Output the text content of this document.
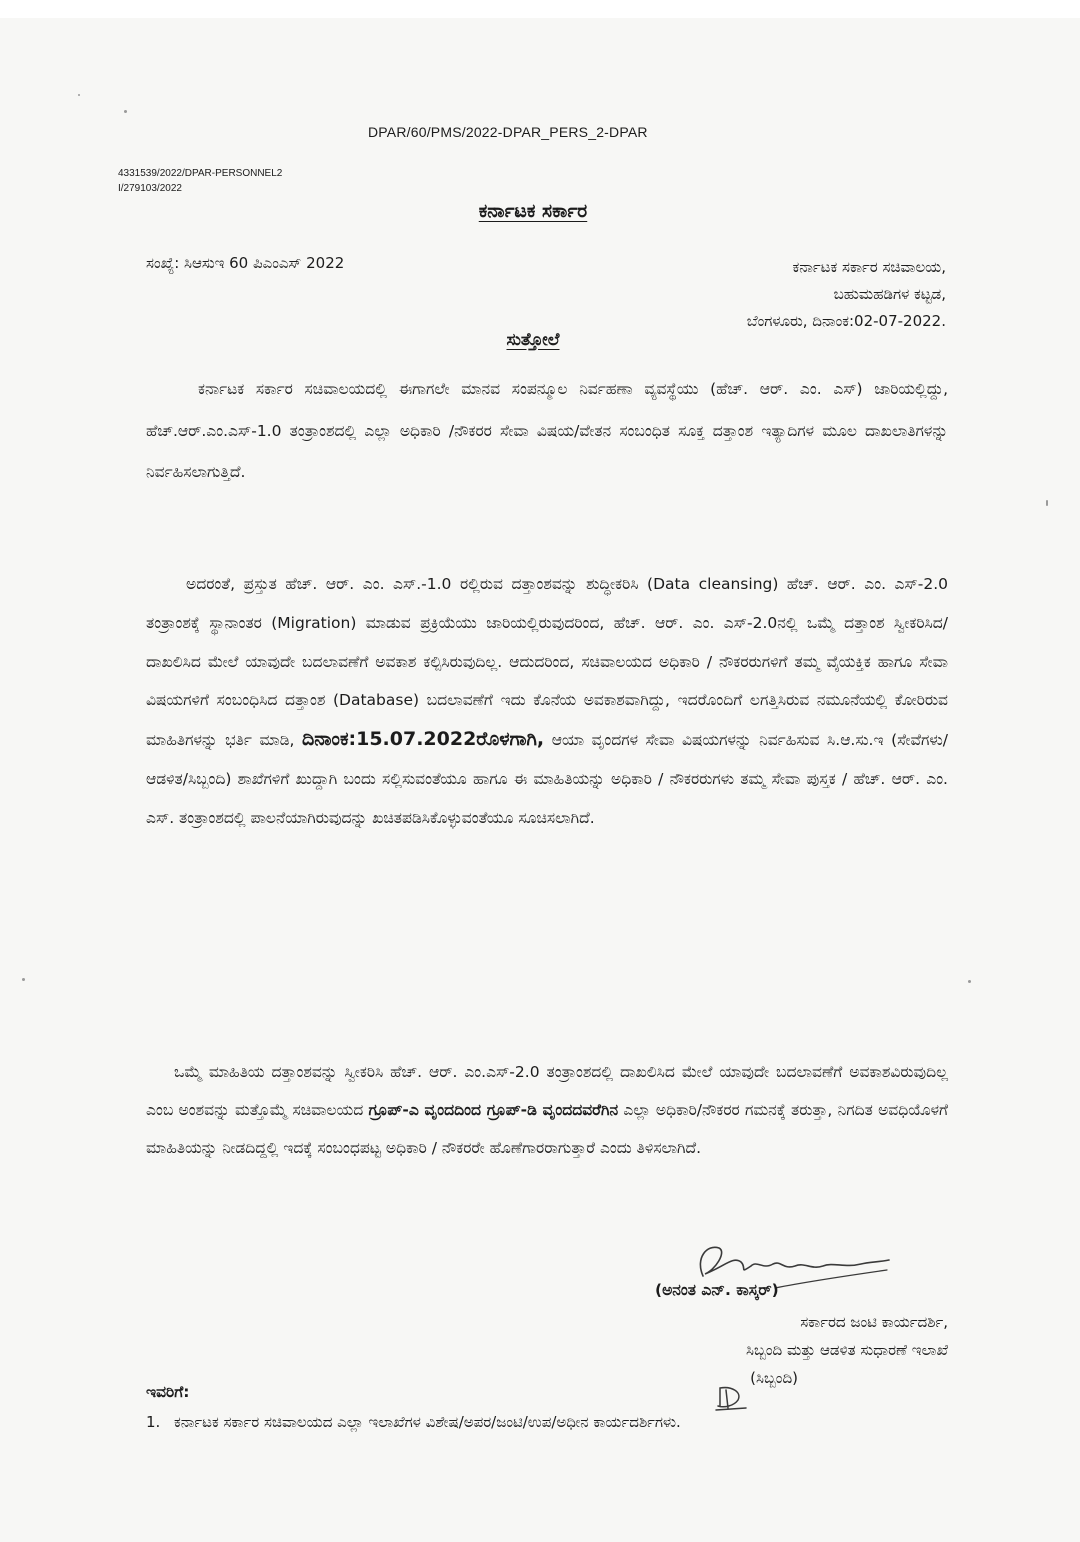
DPAR/60/PMS/2022-DPAR_PERS_2-DPAR

4331539/2022/DPAR-PERSONNEL2
I/279103/2022
ಕರ್ನಾಟಕ ಸರ್ಕಾರ

ಸಂಖ್ಯೆ: ಸಿಆಸುಇ 60 ಪಿಎಂಎಸ್ 2022	ಕರ್ನಾಟಕ ಸರ್ಕಾರ ಸಚಿವಾಲಯ,
ಬಹುಮಹಡಿಗಳ ಕಟ್ಟಡ,
ಬೆಂಗಳೂರು, ದಿನಾಂಕ:02-07-2022.
ಸುತ್ತೋಲೆ

ಕರ್ನಾಟಕ ಸರ್ಕಾರ ಸಚಿವಾಲಯದಲ್ಲಿ ಈಗಾಗಲೇ ಮಾನವ ಸಂಪನ್ಮೂಲ ನಿರ್ವಹಣಾ ವ್ಯವಸ್ಥೆಯು (ಹೆಚ್. ಆರ್. ಎಂ. ಎಸ್) ಜಾರಿಯಲ್ಲಿದ್ದು, ಹೆಚ್.ಆರ್.ಎಂ.ಎಸ್-1.0 ತಂತ್ರಾಂಶದಲ್ಲಿ ಎಲ್ಲಾ ಅಧಿಕಾರಿ /ನೌಕರರ ಸೇವಾ ವಿಷಯ/ವೇತನ ಸಂಬಂಧಿತ ಸೂಕ್ತ ದತ್ತಾಂಶ ಇತ್ಯಾದಿಗಳ ಮೂಲ ದಾಖಲಾತಿಗಳನ್ನು ನಿರ್ವಹಿಸಲಾಗುತ್ತಿದೆ.

ಅದರಂತೆ, ಪ್ರಸ್ತುತ ಹೆಚ್. ಆರ್. ಎಂ. ಎಸ್.-1.0 ರಲ್ಲಿರುವ ದತ್ತಾಂಶವನ್ನು ಶುದ್ಧೀಕರಿಸಿ (Data cleansing) ಹೆಚ್. ಆರ್. ಎಂ. ಎಸ್-2.0 ತಂತ್ರಾಂಶಕ್ಕೆ ಸ್ಥಾನಾಂತರ (Migration) ಮಾಡುವ ಪ್ರಕ್ರಿಯೆಯು ಜಾರಿಯಲ್ಲಿರುವುದರಿಂದ, ಹೆಚ್. ಆರ್. ಎಂ. ಎಸ್-2.0ನಲ್ಲಿ ಒಮ್ಮೆ ದತ್ತಾಂಶ ಸ್ವೀಕರಿಸಿದ/ದಾಖಲಿಸಿದ ಮೇಲೆ ಯಾವುದೇ ಬದಲಾವಣೆಗೆ ಅವಕಾಶ ಕಲ್ಪಿಸಿರುವುದಿಲ್ಲ. ಆದುದರಿಂದ, ಸಚಿವಾಲಯದ ಅಧಿಕಾರಿ / ನೌಕರರುಗಳಿಗೆ ತಮ್ಮ ವೈಯಕ್ತಿಕ ಹಾಗೂ ಸೇವಾ ವಿಷಯಗಳಿಗೆ ಸಂಬಂಧಿಸಿದ ದತ್ತಾಂಶ (Database) ಬದಲಾವಣೆಗೆ ಇದು ಕೊನೆಯ ಅವಕಾಶವಾಗಿದ್ದು, ಇದರೊಂದಿಗೆ ಲಗತ್ತಿಸಿರುವ ನಮೂನೆಯಲ್ಲಿ ಕೋರಿರುವ ಮಾಹಿತಿಗಳನ್ನು ಭರ್ತಿ ಮಾಡಿ, ದಿನಾಂಕ:15.07.2022ರೊಳಗಾಗಿ, ಆಯಾ ವೃಂದಗಳ ಸೇವಾ ವಿಷಯಗಳನ್ನು ನಿರ್ವಹಿಸುವ ಸಿ.ಆ.ಸು.ಇ (ಸೇವೆಗಳು/ಆಡಳಿತ/ಸಿಬ್ಬಂದಿ) ಶಾಖೆಗಳಿಗೆ ಖುದ್ದಾಗಿ ಬಂದು ಸಲ್ಲಿಸುವಂತೆಯೂ ಹಾಗೂ ಈ ಮಾಹಿತಿಯನ್ನು ಅಧಿಕಾರಿ / ನೌಕರರುಗಳು ತಮ್ಮ ಸೇವಾ ಪುಸ್ತಕ / ಹೆಚ್. ಆರ್. ಎಂ. ಎಸ್. ತಂತ್ರಾಂಶದಲ್ಲಿ ಪಾಲನೆಯಾಗಿರುವುದನ್ನು ಖಚಿತಪಡಿಸಿಕೊಳ್ಳುವಂತೆಯೂ ಸೂಚಿಸಲಾಗಿದೆ.

ಒಮ್ಮೆ ಮಾಹಿತಿಯ ದತ್ತಾಂಶವನ್ನು ಸ್ವೀಕರಿಸಿ ಹೆಚ್. ಆರ್. ಎಂ.ಎಸ್-2.0 ತಂತ್ರಾಂಶದಲ್ಲಿ ದಾಖಲಿಸಿದ ಮೇಲೆ ಯಾವುದೇ ಬದಲಾವಣೆಗೆ ಅವಕಾಶವಿರುವುದಿಲ್ಲ ಎಂಬ ಅಂಶವನ್ನು ಮತ್ತೊಮ್ಮೆ ಸಚಿವಾಲಯದ ಗ್ರೂಪ್-ಎ ವೃಂದದಿಂದ ಗ್ರೂಪ್-ಡಿ ವೃಂದದವರೆಗಿನ ಎಲ್ಲಾ ಅಧಿಕಾರಿ/ನೌಕರರ ಗಮನಕ್ಕೆ ತರುತ್ತಾ, ನಿಗದಿತ ಅವಧಿಯೊಳಗೆ ಮಾಹಿತಿಯನ್ನು ನೀಡದಿದ್ದಲ್ಲಿ ಇದಕ್ಕೆ ಸಂಬಂಧಪಟ್ಟ ಅಧಿಕಾರಿ / ನೌಕರರೇ ಹೊಣೆಗಾರರಾಗುತ್ತಾರೆ ಎಂದು ತಿಳಿಸಲಾಗಿದೆ.

(ಅನಂತ ಎನ್. ಕಾಸ್ಕರ್)

ಸರ್ಕಾರದ ಜಂಟಿ ಕಾರ್ಯದರ್ಶಿ,
ಸಿಬ್ಬಂದಿ ಮತ್ತು ಆಡಳಿತ ಸುಧಾರಣೆ ಇಲಾಖೆ
(ಸಿಬ್ಬಂದಿ)

ಇವರಿಗೆ:

1. ಕರ್ನಾಟಕ ಸರ್ಕಾರ ಸಚಿವಾಲಯದ ಎಲ್ಲಾ ಇಲಾಖೆಗಳ ವಿಶೇಷ/ಅಪರ/ಜಂಟಿ/ಉಪ/ಅಧೀನ ಕಾರ್ಯದರ್ಶಿಗಳು.
